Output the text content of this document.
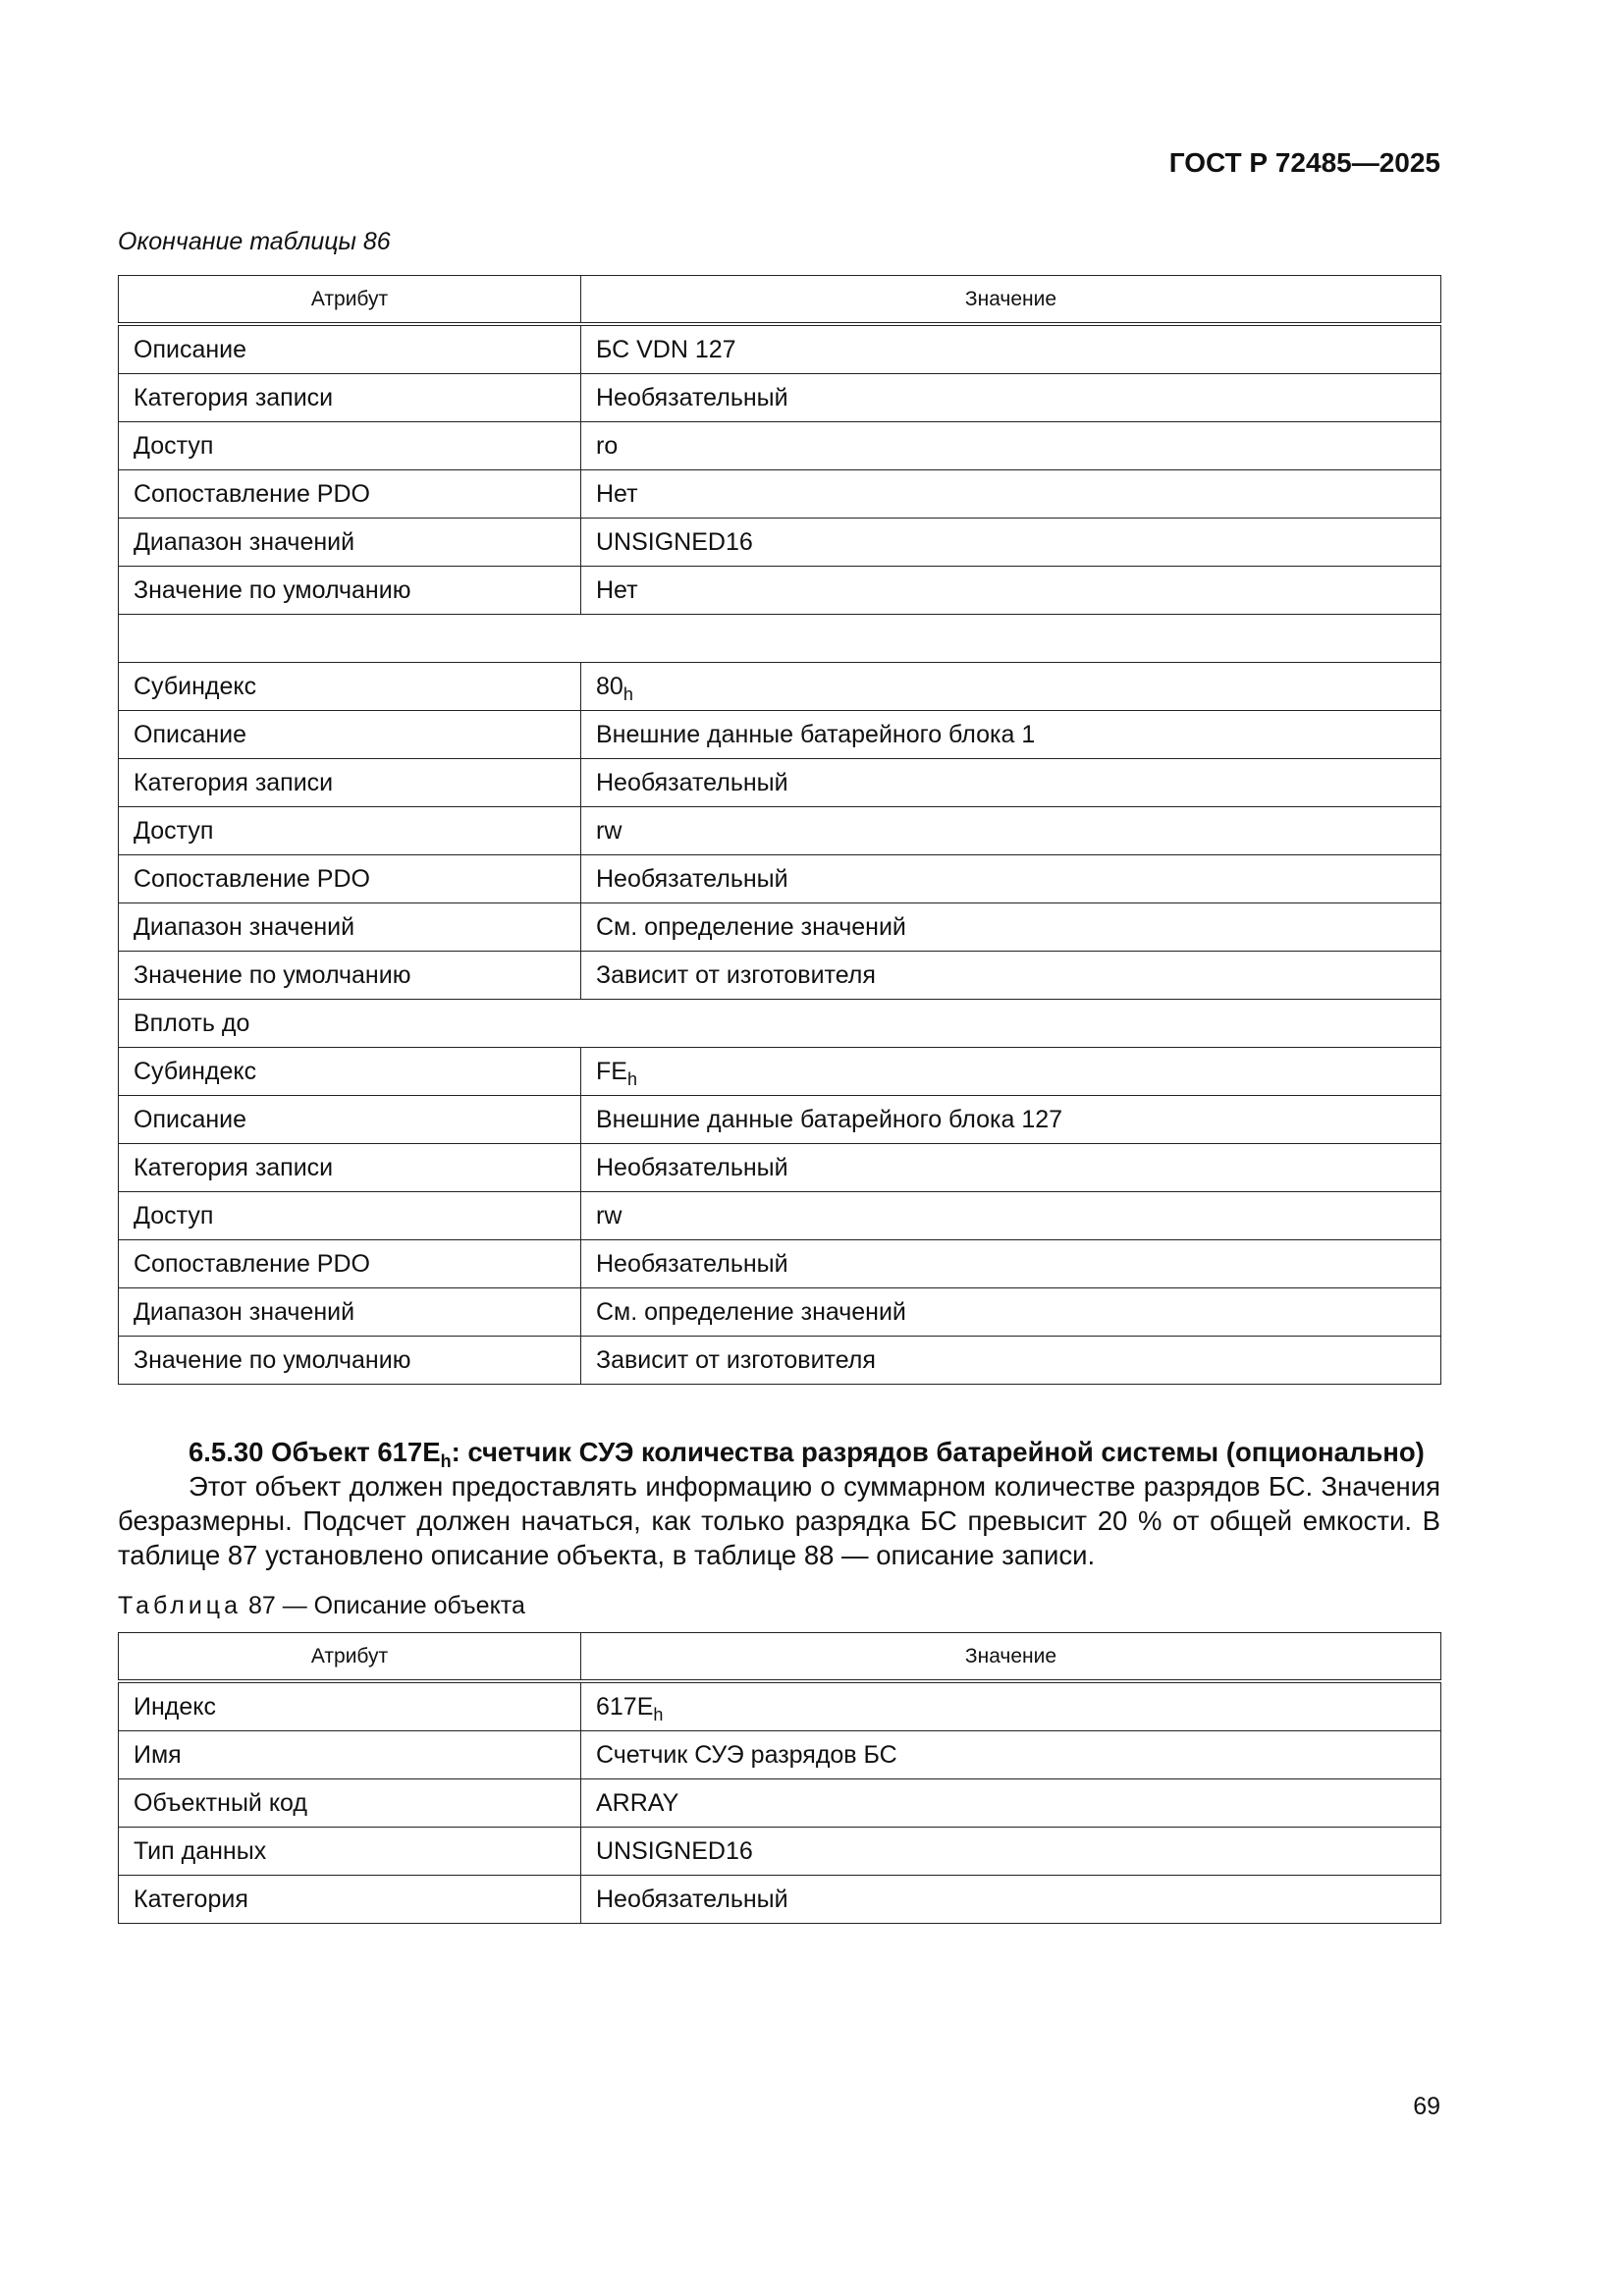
ГОСТ Р 72485—2025
Окончание таблицы 86
Атрибут	Значение
Описание	БС VDN 127
Категория записи	Необязательный
Доступ	ro
Сопоставление PDO	Нет
Диапазон значений	UNSIGNED16
Значение по умолчанию	Нет

Субиндекс	$80_h$
Описание	Внешние данные батарейного блока 1
Категория записи	Необязательный
Доступ	rw
Сопоставление PDO	Необязательный
Диапазон значений	См. определение значений
Значение по умолчанию	Зависит от изготовителя
Вплоть до	
Субиндекс	$FE_h$
Описание	Внешние данные батарейного блока 127
Категория записи	Необязательный
Доступ	rw
Сопоставление PDO	Необязательный
Диапазон значений	См. определение значений
Значение по умолчанию	Зависит от изготовителя
6.5.30 Объект $617E_h$: счетчик СУЭ количества разрядов батарейной системы (опционально)
Этот объект должен предоставлять информацию о суммарном количестве разрядов БС. Значения безразмерны. Подсчет должен начаться, как только разрядка БС превысит 20 % от общей емкости. В таблице 87 установлено описание объекта, в таблице 88 — описание записи.
Таблица 87 — Описание объекта
Атрибут	Значение
Индекс	$617E_h$
Имя	Счетчик СУЭ разрядов БС
Объектный код	ARRAY
Тип данных	UNSIGNED16
Категория	Необязательный
69
